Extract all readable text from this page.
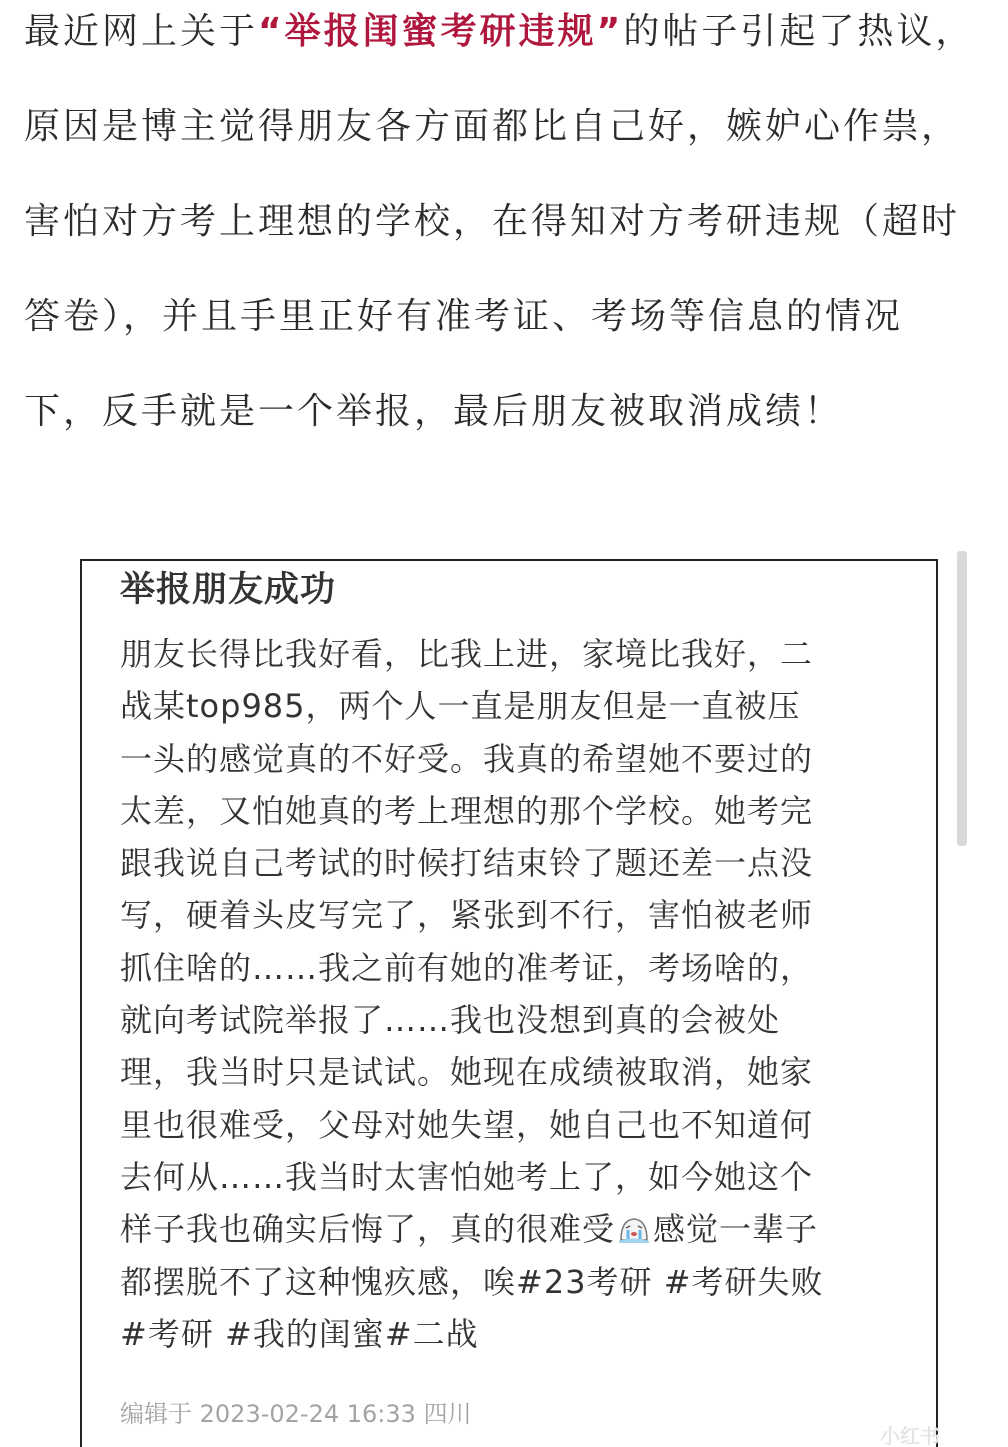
最近网上关于 “举报闺蜜考研违规” 的帖子引起了热议，
原因是博主觉得朋友各方面都比自己好，嫉妒心作祟，
害怕对方考上理想的学校，在得知对方考研违规（超时
答卷），并且手里正好有准考证、考场等信息的情况
下，反手就是一个举报，最后朋友被取消成绩！
举报朋友成功
朋友长得比我好看，比我上进，家境比我好，二
战某top985，两个人一直是朋友但是一直被压
一头的感觉真的不好受。我真的希望她不要过的
太差，又怕她真的考上理想的那个学校。她考完
跟我说自己考试的时候打结束铃了题还差一点没
写，硬着头皮写完了，紧张到不行，害怕被老师
抓住啥的……我之前有她的准考证，考场啥的，
就向考试院举报了……我也没想到真的会被处
理，我当时只是试试。她现在成绩被取消，她家
里也很难受，父母对她失望，她自己也不知道何
去何从……我当时太害怕她考上了，如今她这个
样子我也确实后悔了，真的很难受 感觉一辈子
都摆脱不了这种愧疚感，唉#23考研 #考研失败
#考研 #我的闺蜜#二战
编辑于 2023-02-24 16:33 四川
小红书
